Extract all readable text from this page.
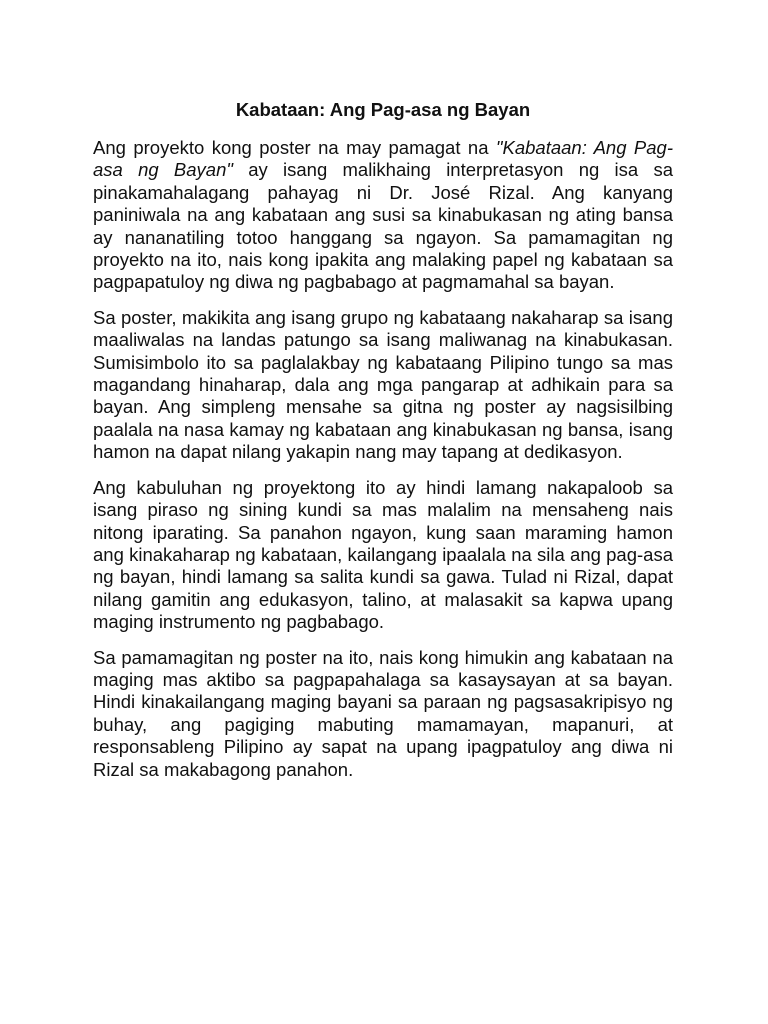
Kabataan: Ang Pag-asa ng Bayan

Ang proyekto kong poster na may pamagat na "Kabataan: Ang Pag-asa ng Bayan" ay isang malikhaing interpretasyon ng isa sa pinakamahalagang pahayag ni Dr. José Rizal. Ang kanyang paniniwala na ang kabataan ang susi sa kinabukasan ng ating bansa ay nananatiling totoo hanggang sa ngayon. Sa pamamagitan ng proyekto na ito, nais kong ipakita ang malaking papel ng kabataan sa pagpapatuloy ng diwa ng pagbabago at pagmamahal sa bayan.

Sa poster, makikita ang isang grupo ng kabataang nakaharap sa isang maaliwalas na landas patungo sa isang maliwanag na kinabukasan. Sumisimbolo ito sa paglalakbay ng kabataang Pilipino tungo sa mas magandang hinaharap, dala ang mga pangarap at adhikain para sa bayan. Ang simpleng mensahe sa gitna ng poster ay nagsisilbing paalala na nasa kamay ng kabataan ang kinabukasan ng bansa, isang hamon na dapat nilang yakapin nang may tapang at dedikasyon.

Ang kabuluhan ng proyektong ito ay hindi lamang nakapaloob sa isang piraso ng sining kundi sa mas malalim na mensaheng nais nitong iparating. Sa panahon ngayon, kung saan maraming hamon ang kinakaharap ng kabataan, kailangang ipaalala na sila ang pag-asa ng bayan, hindi lamang sa salita kundi sa gawa. Tulad ni Rizal, dapat nilang gamitin ang edukasyon, talino, at malasakit sa kapwa upang maging instrumento ng pagbabago.

Sa pamamagitan ng poster na ito, nais kong himukin ang kabataan na maging mas aktibo sa pagpapahalaga sa kasaysayan at sa bayan. Hindi kinakailangang maging bayani sa paraan ng pagsasakripisyo ng buhay, ang pagiging mabuting mamamayan, mapanuri, at responsableng Pilipino ay sapat na upang ipagpatuloy ang diwa ni Rizal sa makabagong panahon.
